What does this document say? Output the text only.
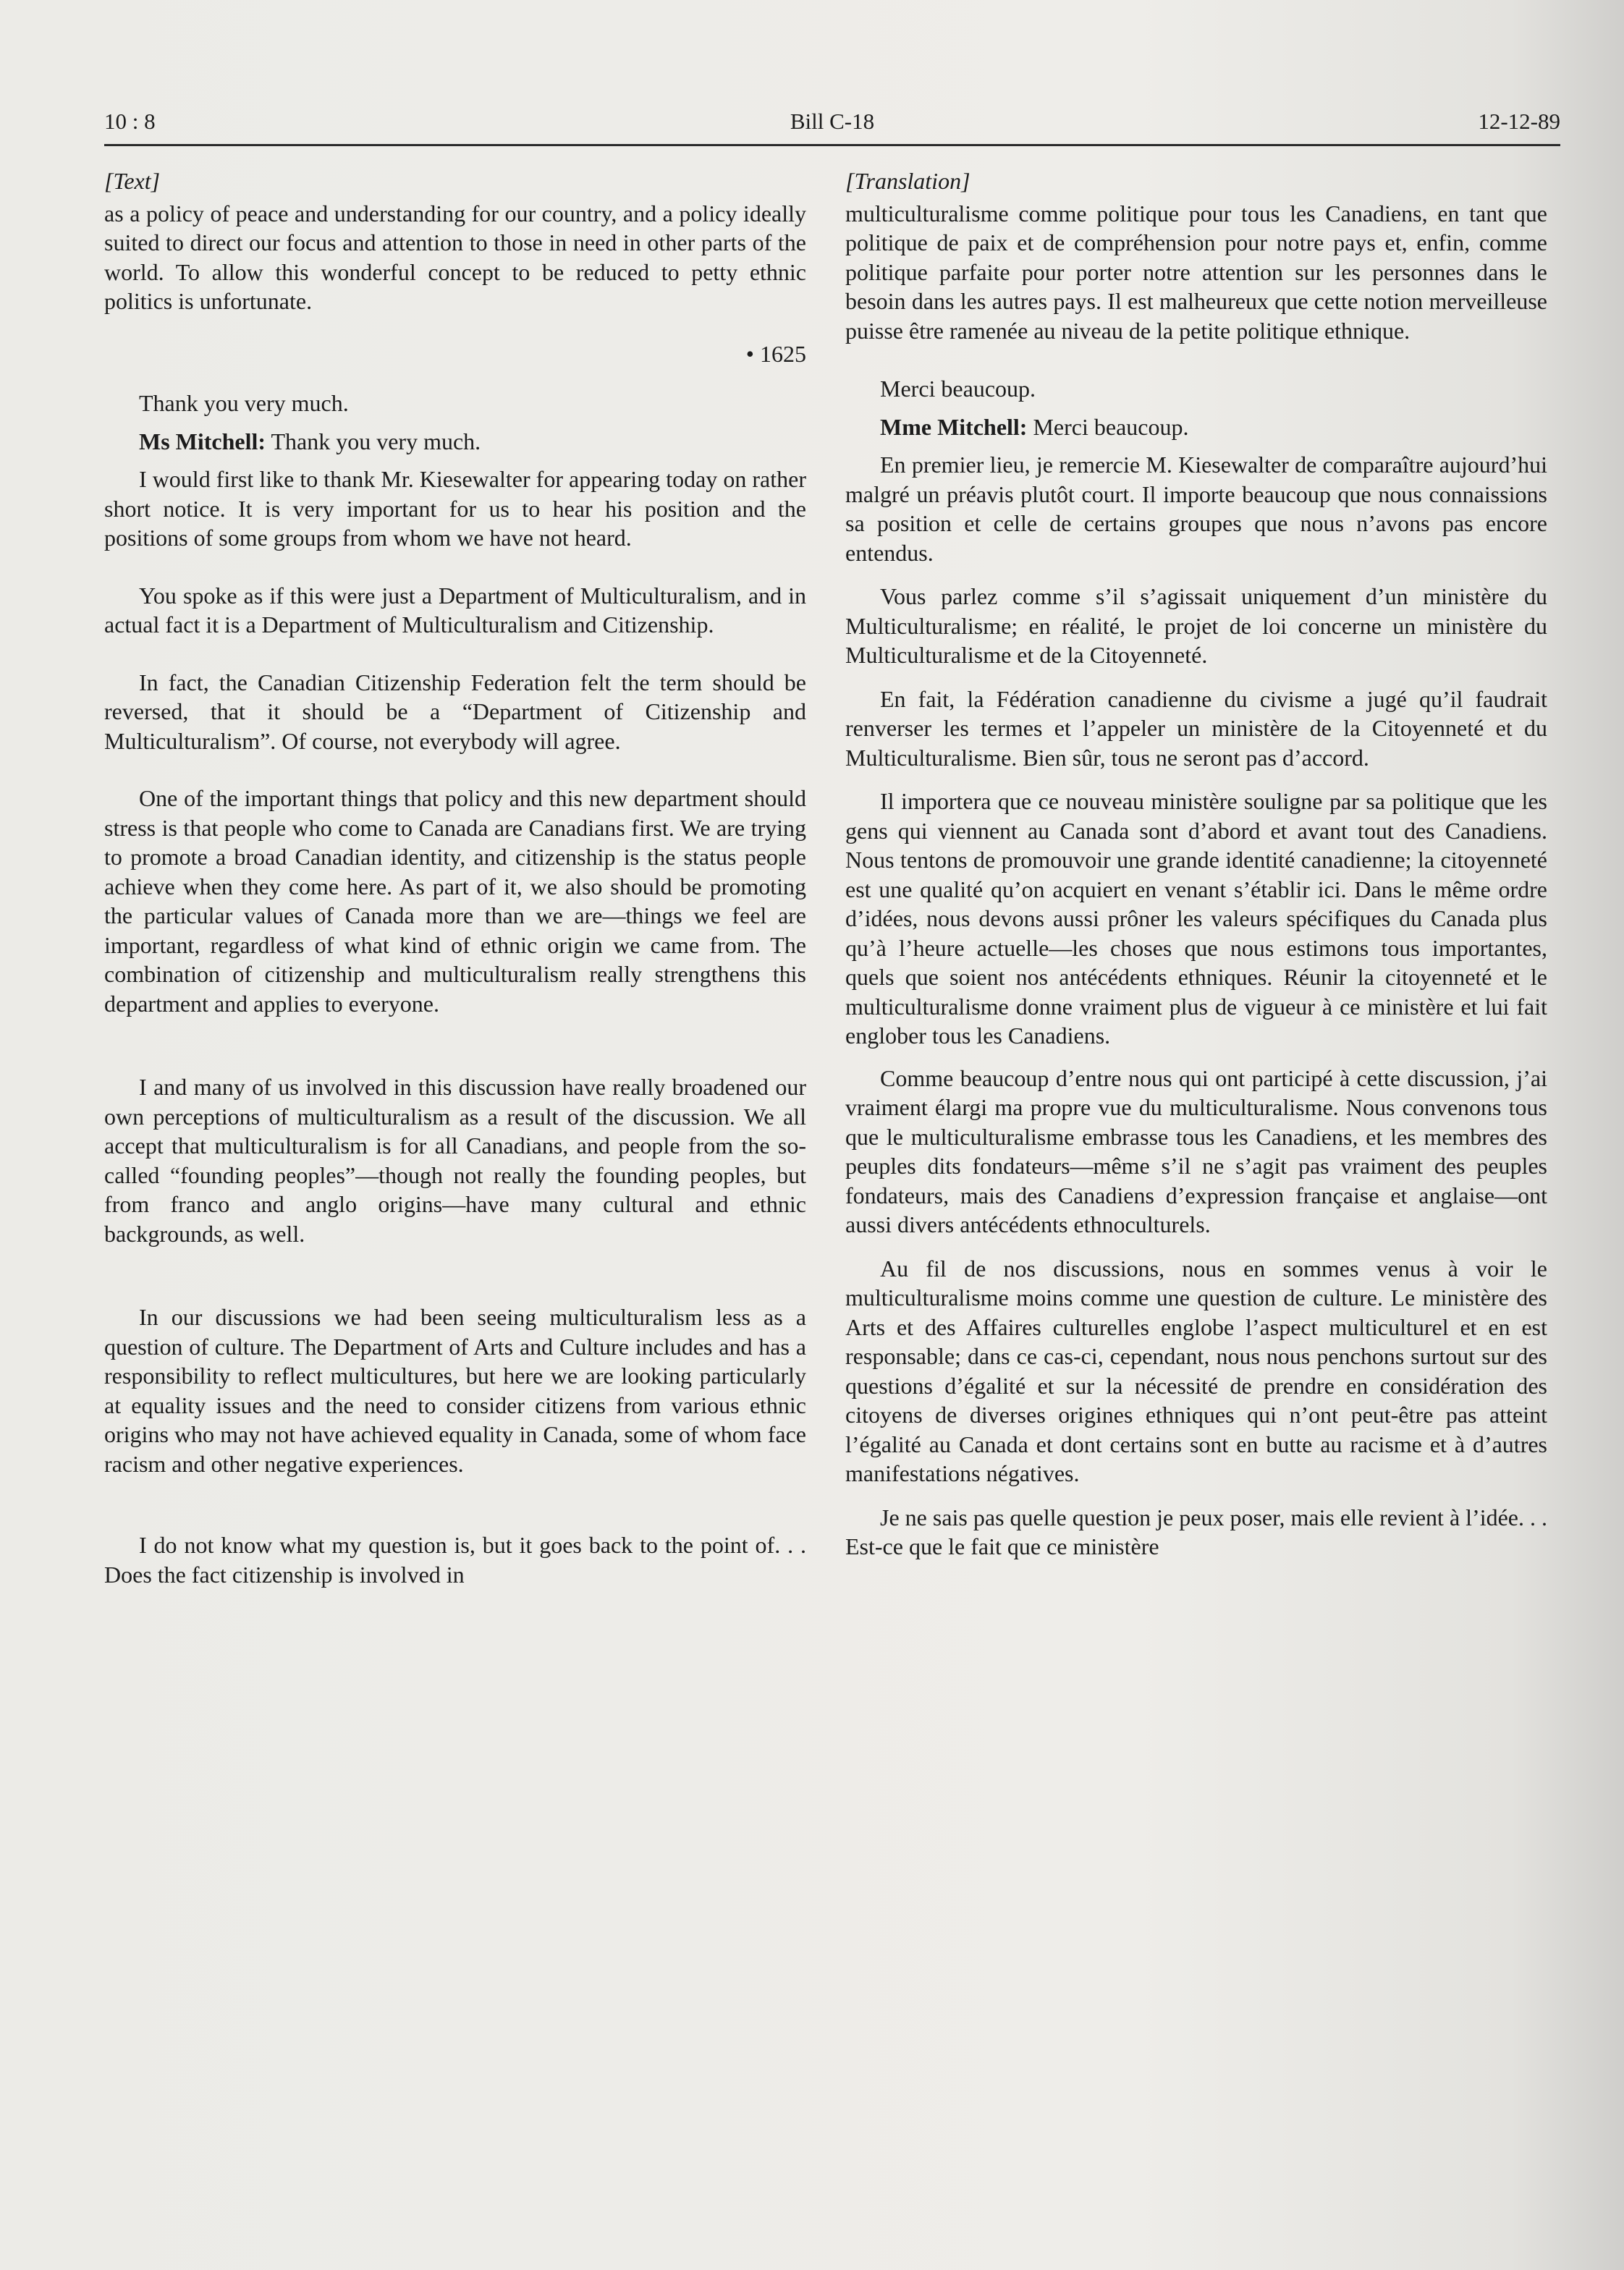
10 : 8	Bill C-18	12-12-89

[Text]

as a policy of peace and understanding for our country, and a policy ideally suited to direct our focus and attention to those in need in other parts of the world. To allow this wonderful concept to be reduced to petty ethnic politics is unfortunate.

• 1625

Thank you very much.

Ms Mitchell: Thank you very much.

I would first like to thank Mr. Kiesewalter for appearing today on rather short notice. It is very important for us to hear his position and the positions of some groups from whom we have not heard.

You spoke as if this were just a Department of Multiculturalism, and in actual fact it is a Department of Multiculturalism and Citizenship.

In fact, the Canadian Citizenship Federation felt the term should be reversed, that it should be a “Department of Citizenship and Multiculturalism”. Of course, not everybody will agree.

One of the important things that policy and this new department should stress is that people who come to Canada are Canadians first. We are trying to promote a broad Canadian identity, and citizenship is the status people achieve when they come here. As part of it, we also should be promoting the particular values of Canada more than we are—things we feel are important, regardless of what kind of ethnic origin we came from. The combination of citizenship and multiculturalism really strengthens this department and applies to everyone.

I and many of us involved in this discussion have really broadened our own perceptions of multiculturalism as a result of the discussion. We all accept that multiculturalism is for all Canadians, and people from the so-called “founding peoples”—though not really the founding peoples, but from franco and anglo origins—have many cultural and ethnic backgrounds, as well.

In our discussions we had been seeing multiculturalism less as a question of culture. The Department of Arts and Culture includes and has a responsibility to reflect multicultures, but here we are looking particularly at equality issues and the need to consider citizens from various ethnic origins who may not have achieved equality in Canada, some of whom face racism and other negative experiences.

I do not know what my question is, but it goes back to the point of. . . Does the fact citizenship is involved in

[Translation]

multiculturalisme comme politique pour tous les Canadiens, en tant que politique de paix et de compréhension pour notre pays et, enfin, comme politique parfaite pour porter notre attention sur les personnes dans le besoin dans les autres pays. Il est malheureux que cette notion merveilleuse puisse être ramenée au niveau de la petite politique ethnique.

Merci beaucoup.

Mme Mitchell: Merci beaucoup.

En premier lieu, je remercie M. Kiesewalter de comparaître aujourd’hui malgré un préavis plutôt court. Il importe beaucoup que nous connaissions sa position et celle de certains groupes que nous n’avons pas encore entendus.

Vous parlez comme s’il s’agissait uniquement d’un ministère du Multiculturalisme; en réalité, le projet de loi concerne un ministère du Multiculturalisme et de la Citoyenneté.

En fait, la Fédération canadienne du civisme a jugé qu’il faudrait renverser les termes et l’appeler un ministère de la Citoyenneté et du Multiculturalisme. Bien sûr, tous ne seront pas d’accord.

Il importera que ce nouveau ministère souligne par sa politique que les gens qui viennent au Canada sont d’abord et avant tout des Canadiens. Nous tentons de promouvoir une grande identité canadienne; la citoyenneté est une qualité qu’on acquiert en venant s’établir ici. Dans le même ordre d’idées, nous devons aussi prôner les valeurs spécifiques du Canada plus qu’à l’heure actuelle—les choses que nous estimons tous importantes, quels que soient nos antécédents ethniques. Réunir la citoyenneté et le multiculturalisme donne vraiment plus de vigueur à ce ministère et lui fait englober tous les Canadiens.

Comme beaucoup d’entre nous qui ont participé à cette discussion, j’ai vraiment élargi ma propre vue du multiculturalisme. Nous convenons tous que le multiculturalisme embrasse tous les Canadiens, et les membres des peuples dits fondateurs—même s’il ne s’agit pas vraiment des peuples fondateurs, mais des Canadiens d’expression française et anglaise—ont aussi divers antécédents ethnoculturels.

Au fil de nos discussions, nous en sommes venus à voir le multiculturalisme moins comme une question de culture. Le ministère des Arts et des Affaires culturelles englobe l’aspect multiculturel et en est responsable; dans ce cas-ci, cependant, nous nous penchons surtout sur des questions d’égalité et sur la nécessité de prendre en considération des citoyens de diverses origines ethniques qui n’ont peut-être pas atteint l’égalité au Canada et dont certains sont en butte au racisme et à d’autres manifestations négatives.

Je ne sais pas quelle question je peux poser, mais elle revient à l’idée. . . Est-ce que le fait que ce ministère
